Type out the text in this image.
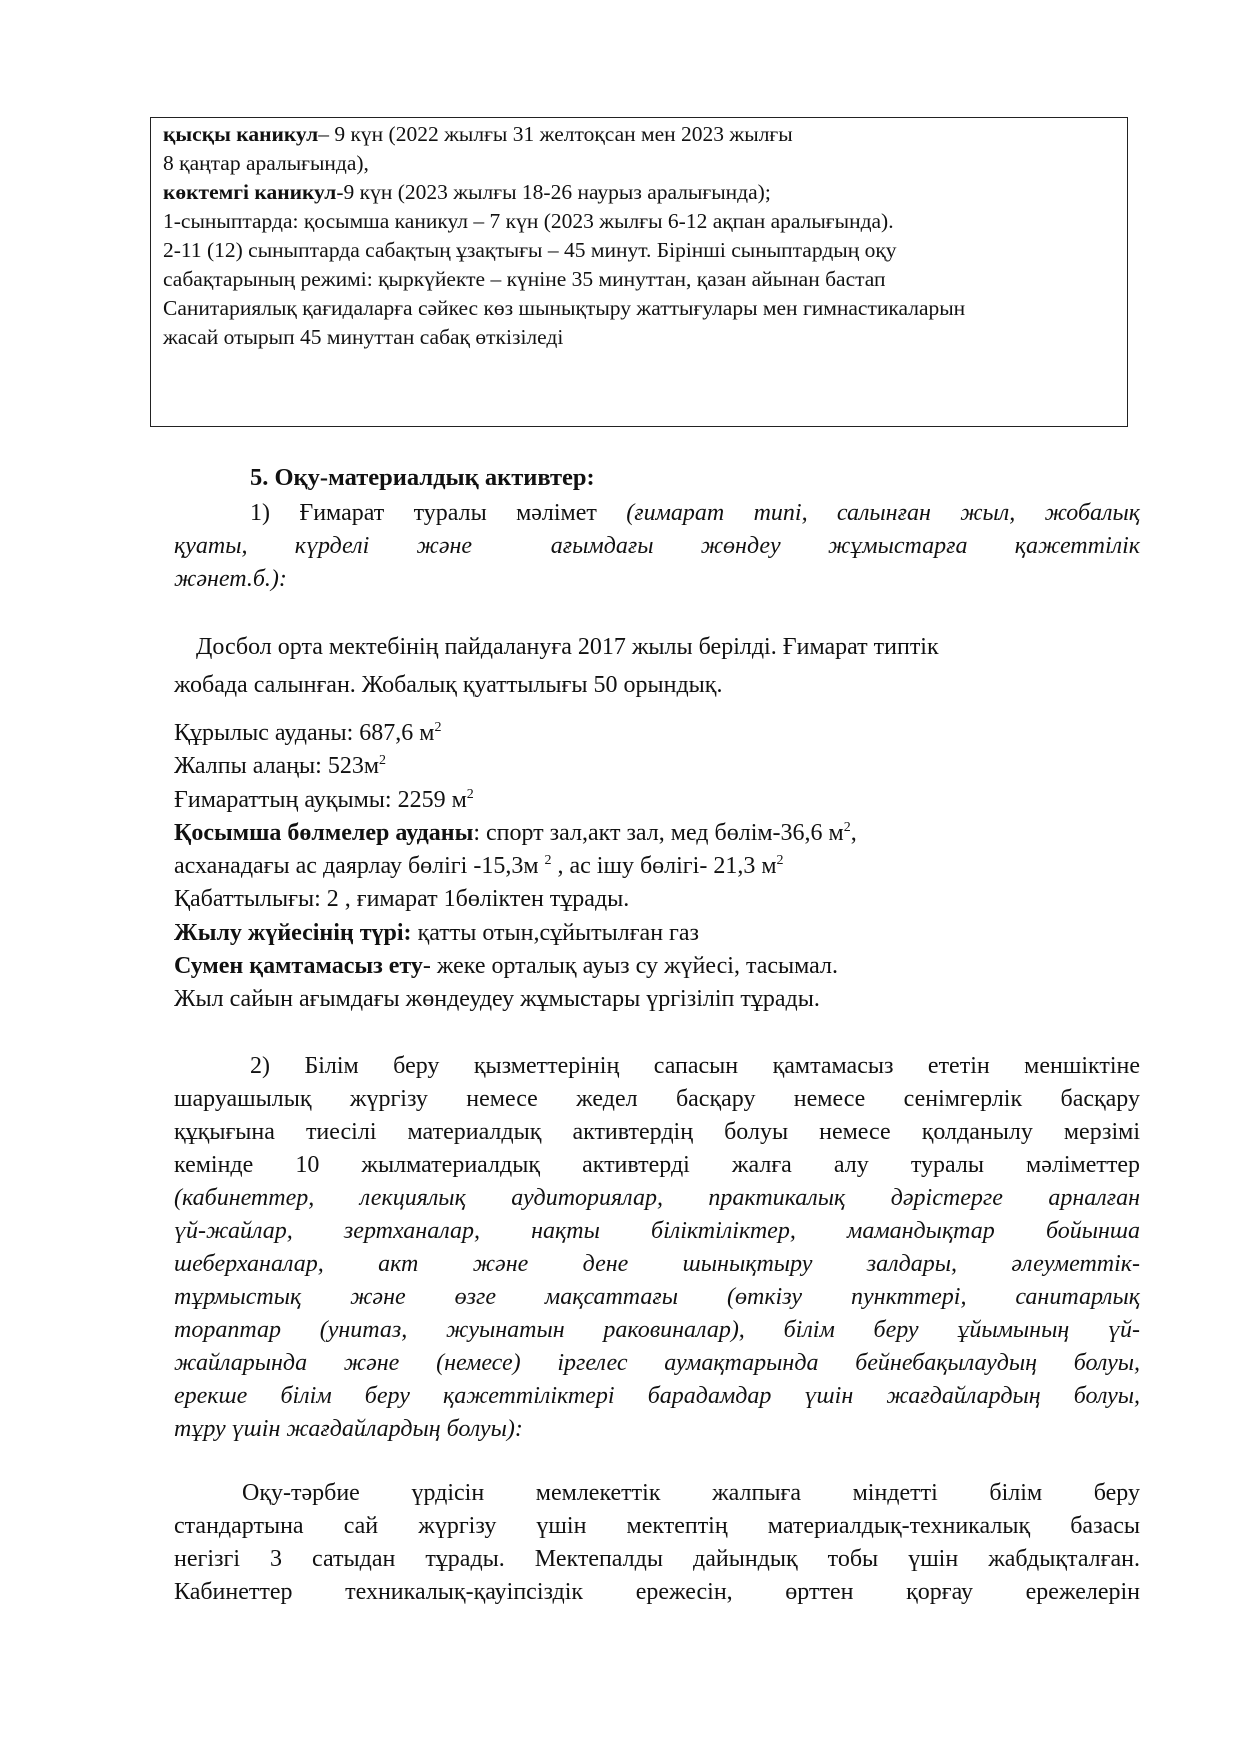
қысқы каникул– 9 күн (2022 жылғы 31 желтоқсан мен 2023 жылғы

8 қаңтар аралығында),

көктемгі каникул-9 күн (2023 жылғы 18-26 наурыз аралығында);

1-сыныптарда: қосымша каникул – 7 күн (2023 жылғы 6-12 ақпан аралығында).

2-11 (12) сыныптарда сабақтың ұзақтығы – 45 минут. Бірінші сыныптардың оқу

сабақтарының режимі: қыркүйекте – күніне 35 минуттан, қазан айынан бастап

Санитариялық қағидаларға сәйкес көз шынықтыру жаттығулары мен гимнастикаларын

жасай отырып 45 минуттан сабақ өткізіледі

5. Оқу-материалдық активтер:

1) Ғимарат туралы мәлімет (ғимарат типі, салынған жыл, жобалық
қуаты,   күрделі   және     ағымдағы   жөндеу   жұмыстарға   қажеттілік
жәнет.б.):

Досбол орта мектебінің пайдалануға 2017 жылы берілді. Ғимарат типтік

жобада салынған. Жобалық қуаттылығы 50 орындық.

Құрылыс ауданы: 687,6 $м^2$
Жалпы алаңы: $523м^2$
Ғимараттың ауқымы: 2259 $м^2$
Қосымша бөлмелер ауданы: спорт зал,акт зал, мед бөлім-36,6 $м^2$,
асханадағы ас даярлау бөлігі -15,3м $^2$ , ас ішу бөлігі- 21,3 $м^2$
Қабаттылығы: 2 , ғимарат 1бөліктен тұрады.
Жылу жүйесінің түрі: қатты отын,сұйытылған газ
Сумен қамтамасыз ету- жеке орталық ауыз су жүйесі, тасымал.
Жыл сайын ағымдағы жөндеудеу жұмыстары үргізіліп тұрады.
2) Білім беру қызметтерінің сапасын қамтамасыз ететін меншіктіне
шаруашылық жүргізу немесе жедел басқару немесе сенімгерлік басқару
құқығына тиесілі материалдық активтердің болуы немесе қолданылу мерзімі
кемінде 10 жылматериалдық активтерді жалға алу туралы мәліметтер
(кабинеттер, лекциялық аудиториялар, практикалық дәрістерге арналған
үй-жайлар, зертханалар, нақты біліктіліктер, мамандықтар бойынша
шеберханалар, акт және дене шынықтыру залдары, әлеуметтік-
тұрмыстық және өзге мақсаттағы (өткізу пункттері, санитарлық
тораптар (унитаз, жуынатын раковиналар), білім беру ұйымының үй-
жайларында және (немесе) іргелес аумақтарында бейнебақылаудың болуы,
ерекше білім беру қажеттіліктері барадамдар үшін жағдайлардың болуы,
тұру үшін жағдайлардың болуы):
Оқу-тәрбие үрдісін мемлекеттік жалпыға міндетті білім беру
стандартына сай жүргізу үшін мектептің материалдық-техникалық базасы
негізгі 3 сатыдан тұрады. Мектепалды дайындық тобы үшін жабдықталған.
Кабинеттер техникалық-қауіпсіздік ережесін, өрттен қорғау ережелерін
